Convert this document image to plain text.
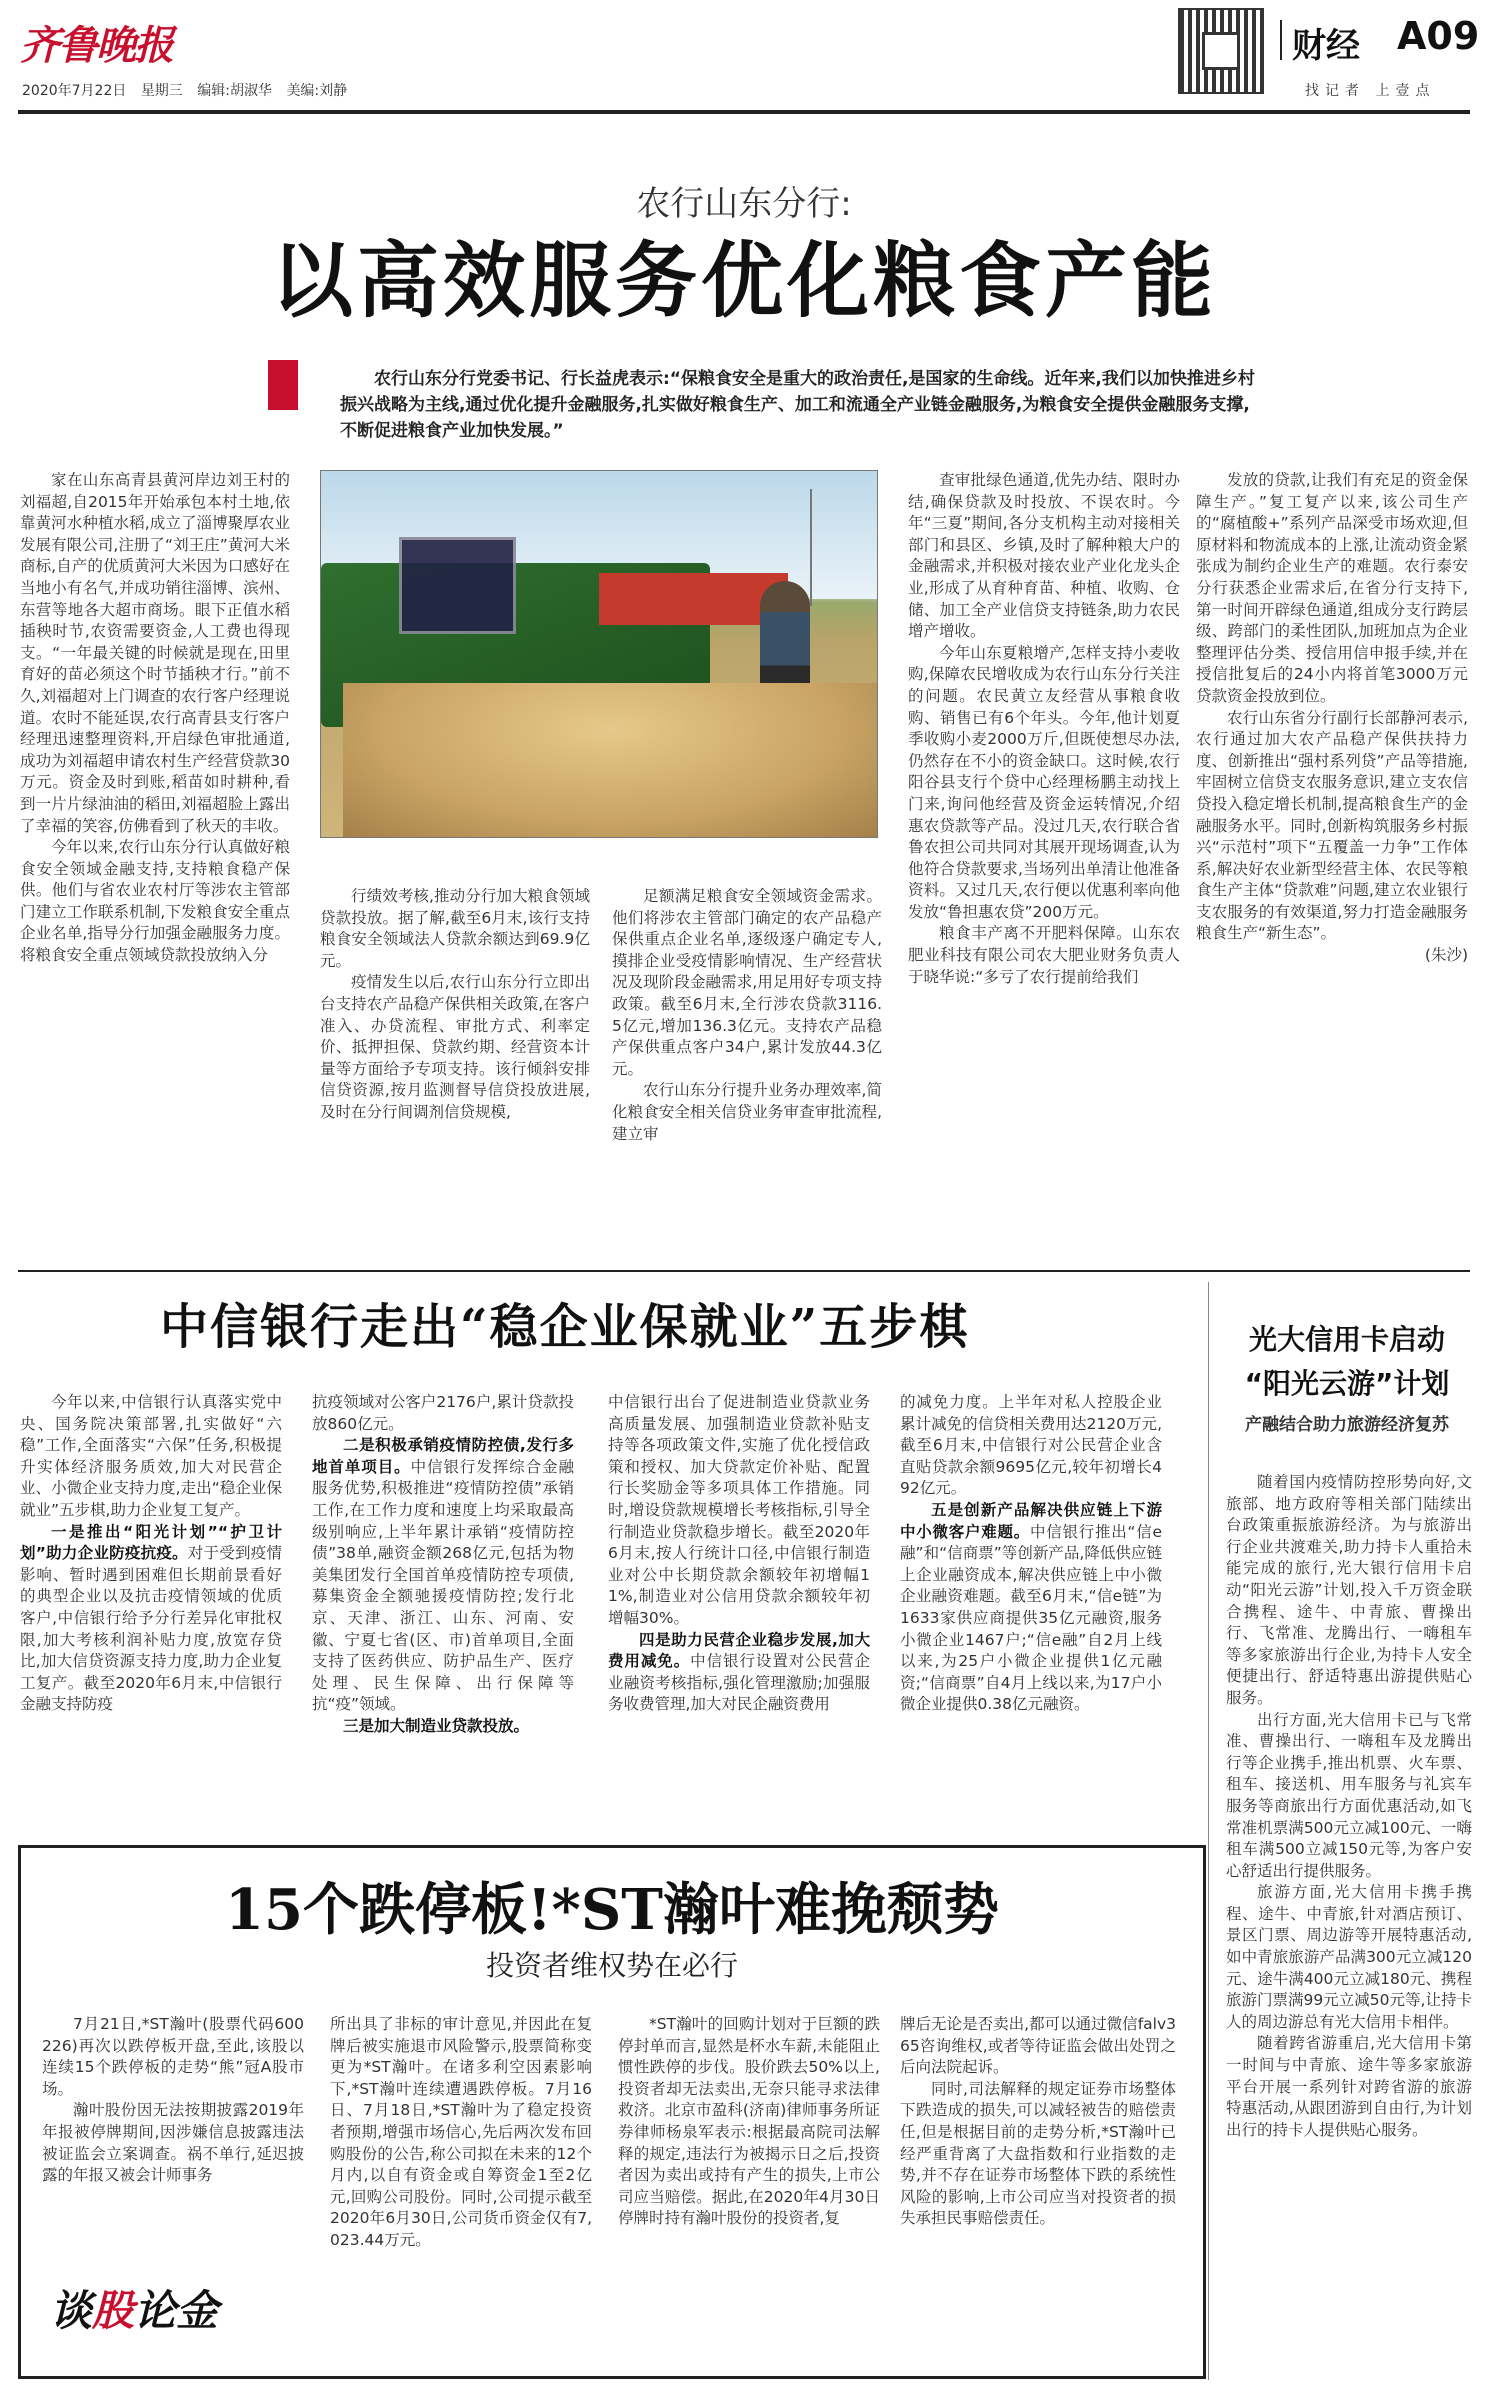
齐鲁晚报
2020年7月22日 星期三 编辑:胡淑华 美编:刘静
财经 A09
找记者 上壹点
农行山东分行:
以高效服务优化粮食产能
农行山东分行党委书记、行长益虎表示:“保粮食安全是重大的政治责任,是国家的生命线。近年来,我们以加快推进乡村振兴战略为主线,通过优化提升金融服务,扎实做好粮食生产、加工和流通全产业链金融服务,为粮食安全提供金融服务支撑,不断促进粮食产业加快发展。”

家在山东高青县黄河岸边刘王村的刘福超,自2015年开始承包本村土地,依靠黄河水种植水稻,成立了淄博聚厚农业发展有限公司,注册了“刘王庄”黄河大米商标,自产的优质黄河大米因为口感好在当地小有名气,并成功销往淄博、滨州、东营等地各大超市商场。眼下正值水稻插秧时节,农资需要资金,人工费也得现支。“一年最关键的时候就是现在,田里育好的苗必须这个时节插秧才行。”前不久,刘福超对上门调查的农行客户经理说道。农时不能延误,农行高青县支行客户经理迅速整理资料,开启绿色审批通道,成功为刘福超申请农村生产经营贷款30万元。资金及时到账,稻苗如时耕种,看到一片片绿油油的稻田,刘福超脸上露出了幸福的笑容,仿佛看到了秋天的丰收。

今年以来,农行山东分行认真做好粮食安全领域金融支持,支持粮食稳产保供。他们与省农业农村厅等涉农主管部门建立工作联系机制,下发粮食安全重点企业名单,指导分行加强金融服务力度。将粮食安全重点领域贷款投放纳入分

行绩效考核,推动分行加大粮食领域贷款投放。据了解,截至6月末,该行支持粮食安全领域法人贷款余额达到69.9亿元。

疫情发生以后,农行山东分行立即出台支持农产品稳产保供相关政策,在客户准入、办贷流程、审批方式、利率定价、抵押担保、贷款约期、经营资本计量等方面给予专项支持。该行倾斜安排信贷资源,按月监测督导信贷投放进展,及时在分行间调剂信贷规模,

足额满足粮食安全领域资金需求。他们将涉农主管部门确定的农产品稳产保供重点企业名单,逐级逐户确定专人,摸排企业受疫情影响情况、生产经营状况及现阶段金融需求,用足用好专项支持政策。截至6月末,全行涉农贷款3116.5亿元,增加136.3亿元。支持农产品稳产保供重点客户34户,累计发放44.3亿元。

农行山东分行提升业务办理效率,简化粮食安全相关信贷业务审查审批流程,建立审

查审批绿色通道,优先办结、限时办结,确保贷款及时投放、不误农时。今年“三夏”期间,各分支机构主动对接相关部门和县区、乡镇,及时了解种粮大户的金融需求,并积极对接农业产业化龙头企业,形成了从育种育苗、种植、收购、仓储、加工全产业信贷支持链条,助力农民增产增收。

今年山东夏粮增产,怎样支持小麦收购,保障农民增收成为农行山东分行关注的问题。农民黄立友经营从事粮食收购、销售已有6个年头。今年,他计划夏季收购小麦2000万斤,但既使想尽办法,仍然存在不小的资金缺口。这时候,农行阳谷县支行个贷中心经理杨鹏主动找上门来,询问他经营及资金运转情况,介绍惠农贷款等产品。没过几天,农行联合省鲁农担公司共同对其展开现场调查,认为他符合贷款要求,当场列出单清让他准备资料。又过几天,农行便以优惠利率向他发放“鲁担惠农贷”200万元。

粮食丰产离不开肥料保障。山东农肥业科技有限公司农大肥业财务负责人于晓华说:“多亏了农行提前给我们

发放的贷款,让我们有充足的资金保障生产。”复工复产以来,该公司生产的“腐植酸+”系列产品深受市场欢迎,但原材料和物流成本的上涨,让流动资金紧张成为制约企业生产的难题。农行泰安分行获悉企业需求后,在省分行支持下,第一时间开辟绿色通道,组成分支行跨层级、跨部门的柔性团队,加班加点为企业整理评估分类、授信用信申报手续,并在授信批复后的24小内将首笔3000万元贷款资金投放到位。

农行山东省分行副行长部静河表示,农行通过加大农产品稳产保供扶持力度、创新推出“强村系列贷”产品等措施,牢固树立信贷支农服务意识,建立支农信贷投入稳定增长机制,提高粮食生产的金融服务水平。同时,创新构筑服务乡村振兴“示范村”项下“五覆盖一力争”工作体系,解决好农业新型经营主体、农民等粮食生产主体“贷款难”问题,建立农业银行支农服务的有效渠道,努力打造金融服务粮食生产“新生态”。

(朱沙)
中信银行走出“稳企业保就业”五步棋

今年以来,中信银行认真落实党中央、国务院决策部署,扎实做好“六稳”工作,全面落实“六保”任务,积极提升实体经济服务质效,加大对民营企业、小微企业支持力度,走出“稳企业保就业”五步棋,助力企业复工复产。

一是推出“阳光计划”“护卫计划”助力企业防疫抗疫。对于受到疫情影响、暂时遇到困难但长期前景看好的典型企业以及抗击疫情领域的优质客户,中信银行给予分行差异化审批权限,加大考核利润补贴力度,放宽存贷比,加大信贷资源支持力度,助力企业复工复产。截至2020年6月末,中信银行金融支持防疫

抗疫领域对公客户2176户,累计贷款投放860亿元。

二是积极承销疫情防控债,发行多地首单项目。中信银行发挥综合金融服务优势,积极推进“疫情防控债”承销工作,在工作力度和速度上均采取最高级别响应,上半年累计承销“疫情防控债”38单,融资金额268亿元,包括为物美集团发行全国首单疫情防控专项债,募集资金全额驰援疫情防控;发行北京、天津、浙江、山东、河南、安徽、宁夏七省(区、市)首单项目,全面支持了医药供应、防护品生产、医疗处理、民生保障、出行保障等抗“疫”领域。

三是加大制造业贷款投放。

中信银行出台了促进制造业贷款业务高质量发展、加强制造业贷款补贴支持等各项政策文件,实施了优化授信政策和授权、加大贷款定价补贴、配置行长奖励金等多项具体工作措施。同时,增设贷款规模增长考核指标,引导全行制造业贷款稳步增长。截至2020年6月末,按人行统计口径,中信银行制造业对公中长期贷款余额较年初增幅11%,制造业对公信用贷款余额较年初增幅30%。

四是助力民营企业稳步发展,加大费用减免。中信银行设置对公民营企业融资考核指标,强化管理激励;加强服务收费管理,加大对民企融资费用

的减免力度。上半年对私人控股企业累计减免的信贷相关费用达2120万元,截至6月末,中信银行对公民营企业含直贴贷款余额9695亿元,较年初增长492亿元。

五是创新产品解决供应链上下游中小微客户难题。中信银行推出“信e融”和“信商票”等创新产品,降低供应链上企业融资成本,解决供应链上中小微企业融资难题。截至6月末,“信e链”为1633家供应商提供35亿元融资,服务小微企业1467户;“信e融”自2月上线以来,为25户小微企业提供1亿元融资;“信商票”自4月上线以来,为17户小微企业提供0.38亿元融资。

光大信用卡启动
“阳光云游”计划
产融结合助力旅游经济复苏

随着国内疫情防控形势向好,文旅部、地方政府等相关部门陆续出台政策重振旅游经济。为与旅游出行企业共渡难关,助力持卡人重拾未能完成的旅行,光大银行信用卡启动“阳光云游”计划,投入千万资金联合携程、途牛、中青旅、曹操出行、飞常准、龙腾出行、一嗨租车等多家旅游出行企业,为持卡人安全便捷出行、舒适特惠出游提供贴心服务。

出行方面,光大信用卡已与飞常准、曹操出行、一嗨租车及龙腾出行等企业携手,推出机票、火车票、租车、接送机、用车服务与礼宾车服务等商旅出行方面优惠活动,如飞常准机票满500元立减100元、一嗨租车满500立减150元等,为客户安心舒适出行提供服务。

旅游方面,光大信用卡携手携程、途牛、中青旅,针对酒店预订、景区门票、周边游等开展特惠活动,如中青旅旅游产品满300元立减120元、途牛满400元立减180元、携程旅游门票满99元立减50元等,让持卡人的周边游总有光大信用卡相伴。

随着跨省游重启,光大信用卡第一时间与中青旅、途牛等多家旅游平台开展一系列针对跨省游的旅游特惠活动,从跟团游到自由行,为计划出行的持卡人提供贴心服务。

15个跌停板!*ST瀚叶难挽颓势
投资者维权势在必行

7月21日,*ST瀚叶(股票代码600226)再次以跌停板开盘,至此,该股以连续15个跌停板的走势“熊”冠A股市场。

瀚叶股份因无法按期披露2019年年报被停牌期间,因涉嫌信息披露违法被证监会立案调查。祸不单行,延迟披露的年报又被会计师事务

所出具了非标的审计意见,并因此在复牌后被实施退市风险警示,股票简称变更为*ST瀚叶。在诸多利空因素影响下,*ST瀚叶连续遭遇跌停板。7月16日、7月18日,*ST瀚叶为了稳定投资者预期,增强市场信心,先后两次发布回购股份的公告,称公司拟在未来的12个月内,以自有资金或自筹资金1至2亿元,回购公司股份。同时,公司提示截至2020年6月30日,公司货币资金仅有7,023.44万元。

*ST瀚叶的回购计划对于巨额的跌停封单而言,显然是杯水车薪,未能阻止惯性跌停的步伐。股价跌去50%以上,投资者却无法卖出,无奈只能寻求法律救济。北京市盈科(济南)律师事务所证券律师杨泉军表示:根据最高院司法解释的规定,违法行为被揭示日之后,投资者因为卖出或持有产生的损失,上市公司应当赔偿。据此,在2020年4月30日停牌时持有瀚叶股份的投资者,复

牌后无论是否卖出,都可以通过微信falv365咨询维权,或者等待证监会做出处罚之后向法院起诉。

同时,司法解释的规定证券市场整体下跌造成的损失,可以减轻被告的赔偿责任,但是根据目前的走势分析,*ST瀚叶已经严重背离了大盘指数和行业指数的走势,并不存在证券市场整体下跌的系统性风险的影响,上市公司应当对投资者的损失承担民事赔偿责任。

谈股论金
